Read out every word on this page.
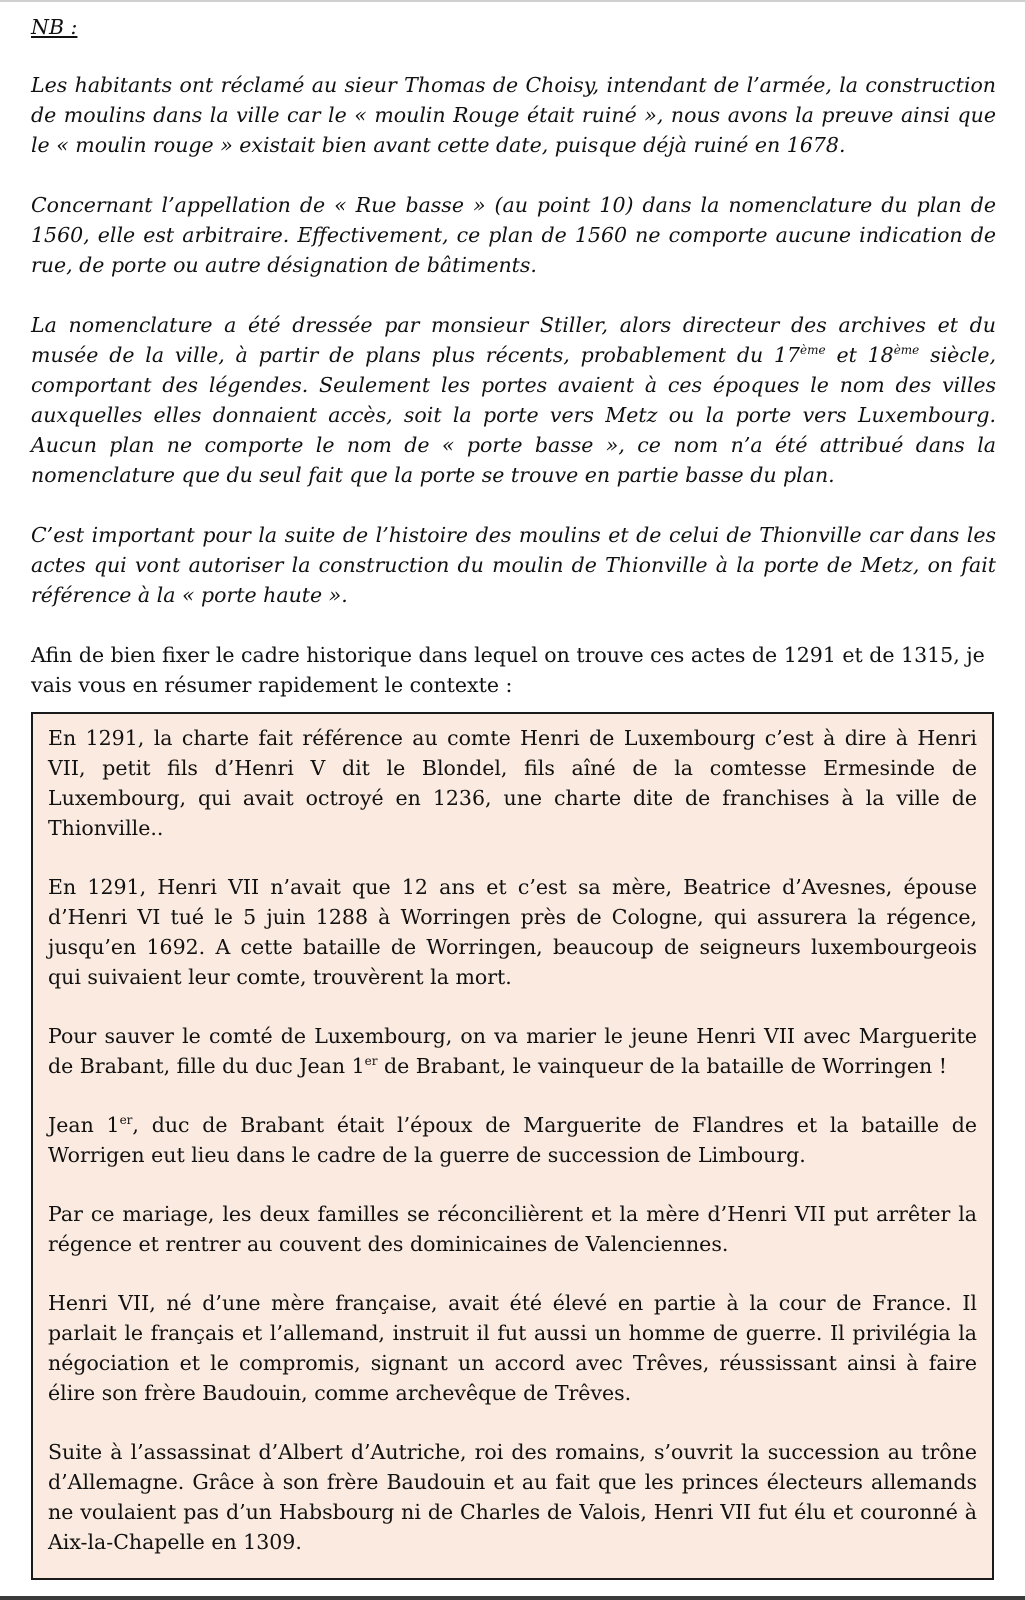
NB :

Les habitants ont réclamé au sieur Thomas de Choisy, intendant de l’armée, la construction de moulins dans la ville car le « moulin Rouge était ruiné », nous avons la preuve ainsi que le « moulin rouge » existait bien avant cette date, puisque déjà ruiné en 1678.

Concernant l’appellation de « Rue basse » (au point 10) dans la nomenclature du plan de 1560, elle est arbitraire. Effectivement, ce plan de 1560 ne comporte aucune indication de rue, de porte ou autre désignation de bâtiments.

La nomenclature a été dressée par monsieur Stiller, alors directeur des archives et du musée de la ville, à partir de plans plus récents, probablement du 17ème et 18ème siècle, comportant des légendes. Seulement les portes avaient à ces époques le nom des villes auxquelles elles donnaient accès, soit la porte vers Metz ou la porte vers Luxembourg. Aucun plan ne comporte le nom de « porte basse », ce nom n’a été attribué dans la nomenclature que du seul fait que la porte se trouve en partie basse du plan.

C’est important pour la suite de l’histoire des moulins et de celui de Thionville car dans les actes qui vont autoriser la construction du moulin de Thionville à la porte de Metz, on fait référence à la « porte haute ».

Afin de bien fixer le cadre historique dans lequel on trouve ces actes de 1291 et de 1315, je vais vous en résumer rapidement le contexte :

En 1291, la charte fait référence au comte Henri de Luxembourg c’est à dire à Henri VII, petit fils d’Henri V dit le Blondel, fils aîné de la comtesse Ermesinde de Luxembourg, qui avait octroyé en 1236, une charte dite de franchises à la ville de Thionville..

En 1291, Henri VII n’avait que 12 ans et c’est sa mère, Beatrice d’Avesnes, épouse d’Henri VI tué le 5 juin 1288 à Worringen près de Cologne, qui assurera la régence, jusqu’en 1692. A cette bataille de Worringen, beaucoup de seigneurs luxembourgeois qui suivaient leur comte, trouvèrent la mort.

Pour sauver le comté de Luxembourg, on va marier le jeune Henri VII avec Marguerite de Brabant, fille du duc Jean 1er de Brabant, le vainqueur de la bataille de Worringen !

Jean 1er, duc de Brabant était l’époux de Marguerite de Flandres et la bataille de Worrigen eut lieu dans le cadre de la guerre de succession de Limbourg.

Par ce mariage, les deux familles se réconcilièrent et la mère d’Henri VII put arrêter la régence et rentrer au couvent des dominicaines de Valenciennes.

Henri VII, né d’une mère française, avait été élevé en partie à la cour de France. Il parlait le français et l’allemand, instruit il fut aussi un homme de guerre. Il privilégia la négociation et le compromis, signant un accord avec Trêves, réussissant ainsi à faire élire son frère Baudouin, comme archevêque de Trêves.

Suite à l’assassinat d’Albert d’Autriche, roi des romains, s’ouvrit la succession au trône d’Allemagne. Grâce à son frère Baudouin et au fait que les princes électeurs allemands ne voulaient pas d’un Habsbourg ni de Charles de Valois, Henri VII fut élu et couronné à Aix-la-Chapelle en 1309.
